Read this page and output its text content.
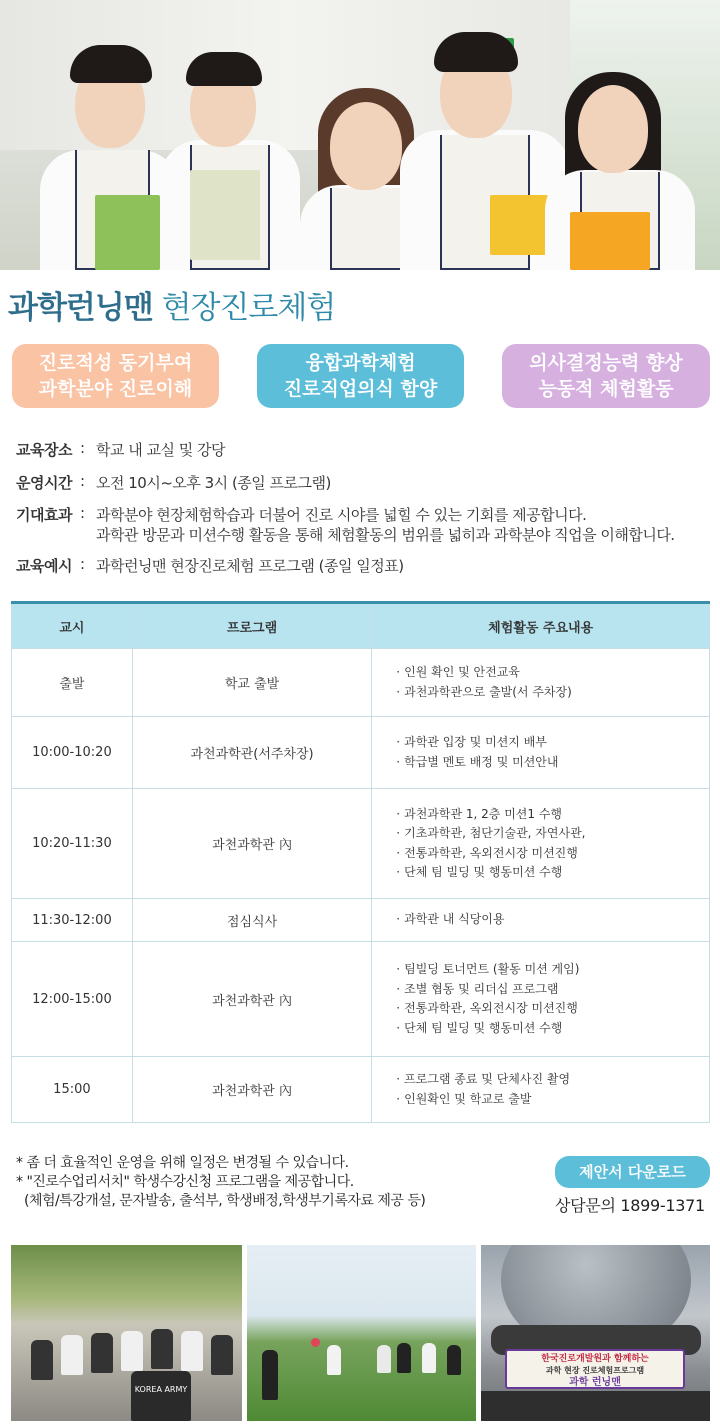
과학런닝맨 현장진로체험
진로적성 동기부여
과학분야 진로이해
융합과학체험
진로직업의식 함양
의사결정능력 향상
능동적 체험활동
교육장소 : 학교 내 교실 및 강당
운영시간 : 오전 10시~오후 3시 (종일 프로그램)
기대효과 : 과학분야 현장체험학습과 더불어 진로 시야를 넓힐 수 있는 기회를 제공합니다.
과학관 방문과 미션수행 활동을 통해 체험활동의 범위를 넓히과 과학분야 직업을 이해합니다.
교육예시 : 과학런닝맨 현장진로체험 프로그램 (종일 일정표)
교시	프로그램	체험활동 주요내용
출발	학교 출발	· 인원 확인 및 안전교육
· 과천과학관으로 출발(서 주차장)

10:00-10:20	과천과학관(서주차장)	· 과학관 입장 및 미션지 배부
· 학급별 멘토 배정 및 미션안내

10:20-11:30	과천과학관 內	· 과천과학관 1, 2층 미션1 수행
· 기초과학관, 첨단기술관, 자연사관,
· 전통과학관, 옥외전시장 미션진행
· 단체 팀 빌딩 및 행동미션 수행

11:30-12:00	점심식사	· 과학관 내 식당이용

12:00-15:00	과천과학관 內	· 팀빌딩 토너먼트 (활동 미션 게임)
· 조별 협동 및 리더십 프로그램
· 전통과학관, 옥외전시장 미션진행
· 단체 팀 빌딩 및 행동미션 수행

15:00	과천과학관 內	· 프로그램 종료 및 단체사진 촬영
· 인원확인 및 학교로 출발
* 좀 더 효율적인 운영을 위해 일정은 변경될 수 있습니다.
* "진로수업리서치" 학생수강신청 프로그램을 제공합니다.
(체험/특강개설, 문자발송, 출석부, 학생배정,학생부기록자료 제공 등)
제안서 다운로드
상담문의 1899-1371
KOREA ARMY
한국진로개발원과 함께하는
과학 현장 진로체험프로그램
과학 런닝맨
